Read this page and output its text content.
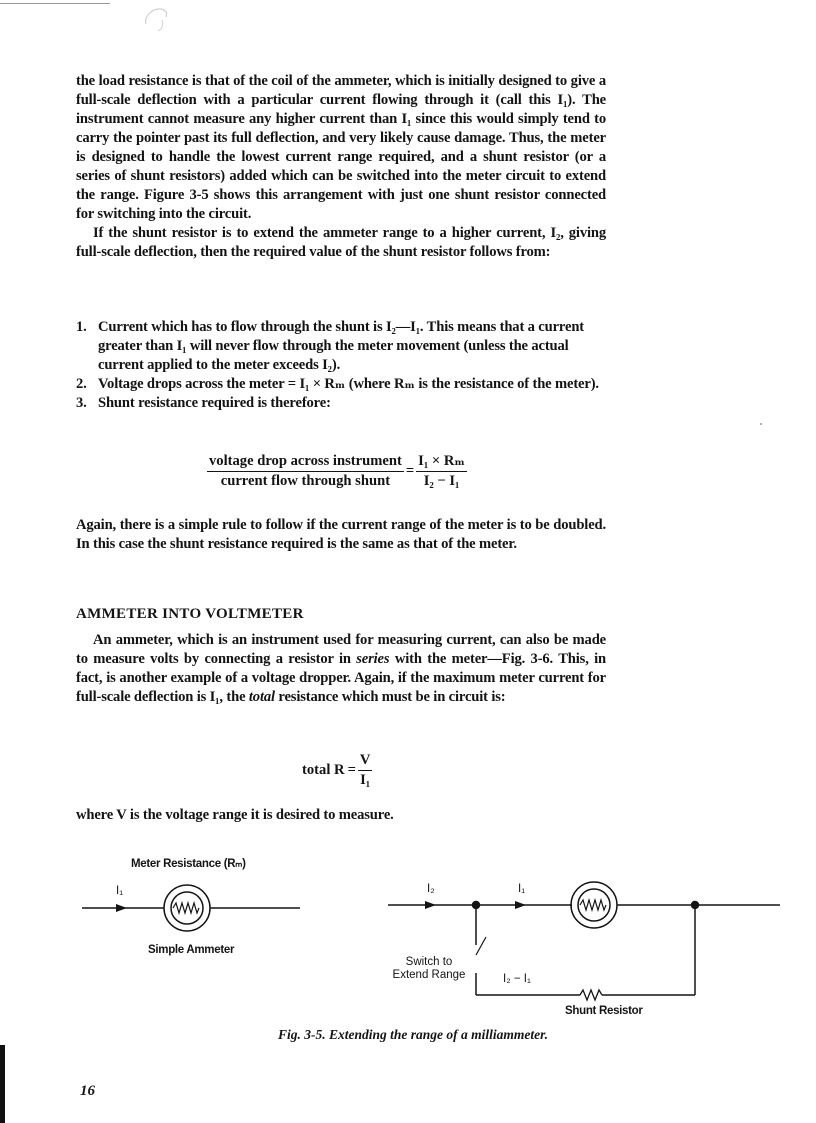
the load resistance is that of the coil of the ammeter, which is initially designed to give a full-scale deflection with a particular current flowing through it (call this I₁). The instrument cannot measure any higher current than I₁ since this would simply tend to carry the pointer past its full deflection, and very likely cause damage. Thus, the meter is designed to handle the lowest current range required, and a shunt resistor (or a series of shunt resistors) added which can be switched into the meter circuit to extend the range. Figure 3-5 shows this arrangement with just one shunt resistor connected for switching into the circuit.

If the shunt resistor is to extend the ammeter range to a higher current, I₂, giving full-scale deflection, then the required value of the shunt resistor follows from:

1. Current which has to flow through the shunt is I₂—I₁. This means that a current greater than I₁ will never flow through the meter movement (unless the actual current applied to the meter exceeds I₂).
2. Voltage drops across the meter = I₁ × Rₘ (where Rₘ is the resistance of the meter).
3. Shunt resistance required is therefore:
$\frac{\text{voltage drop across instrument}}{\text{current flow through shunt}} = \frac{\text{I₁ × Rₘ}}{\text{I₂ − I₁}}$

Again, there is a simple rule to follow if the current range of the meter is to be doubled. In this case the shunt resistance required is the same as that of the meter.

AMMETER INTO VOLTMETER

An ammeter, which is an instrument used for measuring current, can also be made to measure volts by connecting a resistor in series with the meter—Fig. 3-6. This, in fact, is another example of a voltage dropper. Again, if the maximum meter current for full-scale deflection is I₁, the total resistance which must be in circuit is:

total $R = \frac{V}{\text{I₁}}$

where V is the voltage range it is desired to measure.

Meter Resistance (Rₘ)
I₁
Simple Ammeter
I₂	I₁
Switch to
Extend Range	I₂ − I₁
Shunt Resistor
Fig. 3-5. Extending the range of a milliammeter.
16
